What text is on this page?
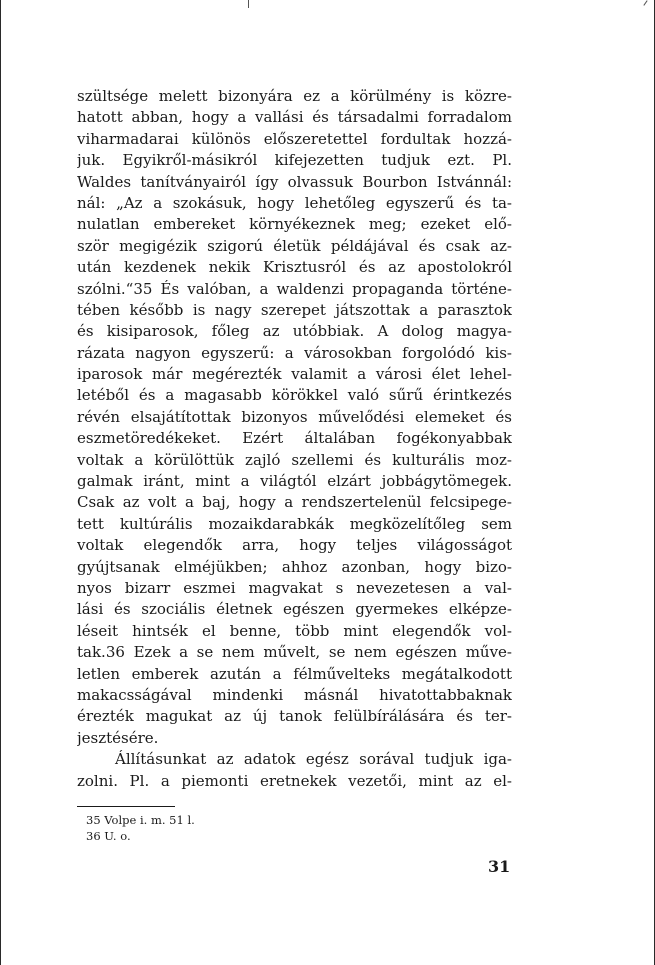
szültsége melett bizonyára ez a körülmény is közre-
hatott abban, hogy a vallási és társadalmi forradalom
viharmadarai különös előszeretettel fordultak hozzá-
juk. Egyikről-másikról kifejezetten tudjuk ezt. Pl.
Waldes tanítványairól így olvassuk Bourbon Istvánnál:
nál: „Az a szokásuk, hogy lehetőleg egyszerű és ta-
nulatlan embereket környékeznek meg; ezeket elő-
ször megigézik szigorú életük példájával és csak az-
után kezdenek nekik Krisztusról és az apostolokról
szólni.“35 És valóban, a waldenzi propaganda történe-
tében később is nagy szerepet játszottak a parasztok
és kisiparosok, főleg az utóbbiak. A dolog magya-
rázata nagyon egyszerű: a városokban forgolódó kis-
iparosok már megérezték valamit a városi élet lehel-
letéből és a magasabb körökkel való sűrű érintkezés
révén elsajátítottak bizonyos művelődési elemeket és
eszmetöredékeket. Ezért általában fogékonyabbak
voltak a körülöttük zajló szellemi és kulturális moz-
galmak iránt, mint a világtól elzárt jobbágytömegek.
Csak az volt a baj, hogy a rendszertelenül felcsipege-
tett kultúrális mozaikdarabkák megközelítőleg sem
voltak elegendők arra, hogy teljes világosságot
gyújtsanak elméjükben; ahhoz azonban, hogy bizo-
nyos bizarr eszmei magvakat s nevezetesen a val-
lási és szociális életnek egészen gyermekes elképze-
léseit hintsék el benne, több mint elegendők vol-
tak.36 Ezek a se nem művelt, se nem egészen műve-
letlen emberek azután a félművelteks megátalkodott
makacsságával mindenki másnál hivatottabbaknak
érezték magukat az új tanok felülbírálására és ter-
jesztésére.
Állításunkat az adatok egész sorával tudjuk iga-
zolni. Pl. a piemonti eretnekek vezetői, mint az el-
35 Volpe i. m. 51 l.
36 U. o.
31
